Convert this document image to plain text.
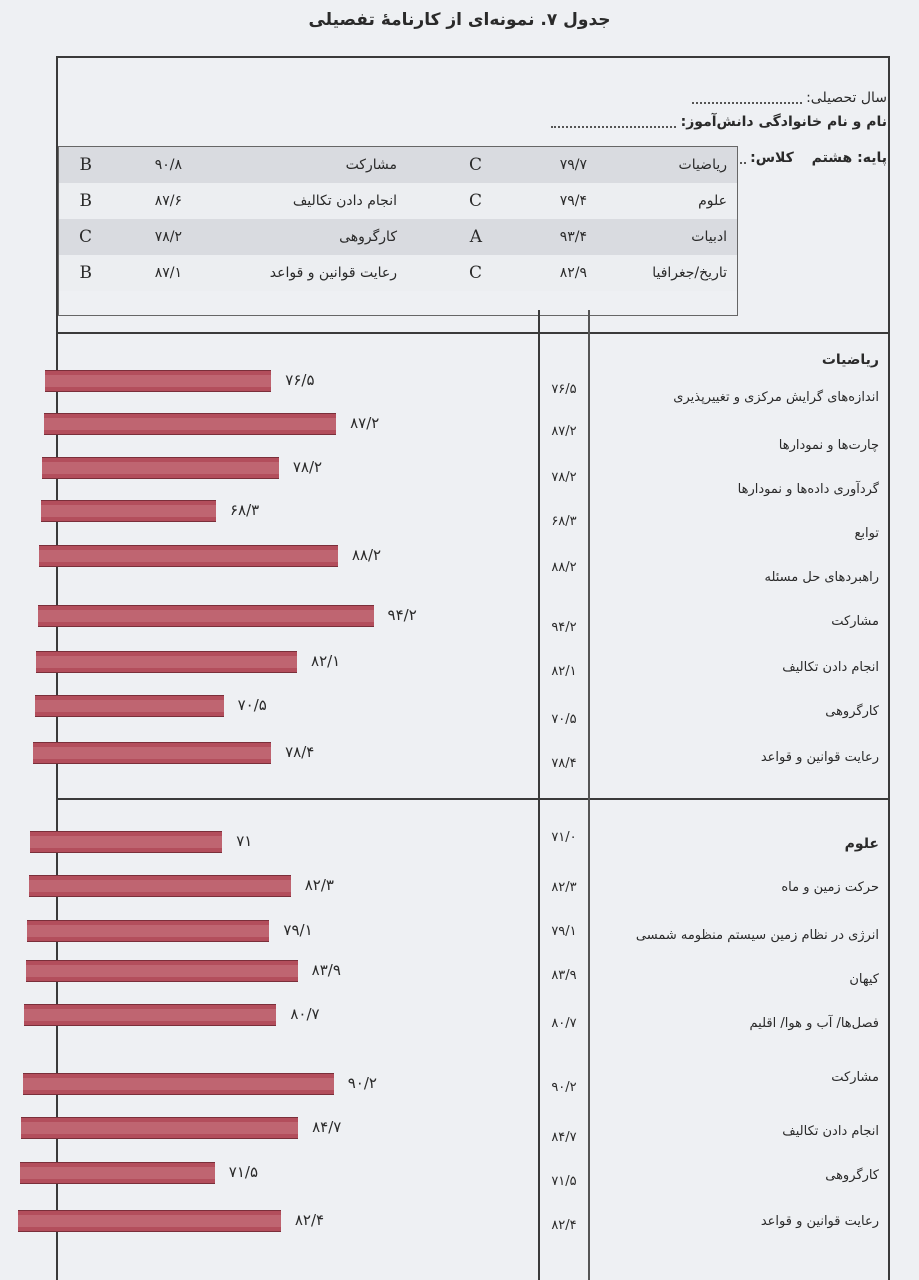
جدول ۷. نمونه‌ای از کارنامهٔ تفصیلی
سال تحصیلی:
نام و نام خانوادگی دانش‌آموز:
پایه: هشتم    کلاس:
ریاضیات
۷۹/۷
C
مشارکت
۹۰/۸
B
علوم
۷۹/۴
C
انجام دادن تکالیف
۸۷/۶
B
ادبیات
۹۳/۴
A
کارگروهی
۷۸/۲
C
تاریخ/جغرافیا
۸۲/۹
C
رعایت قوانین و قواعد
۸۷/۱
B
ریاضیات
اندازه‌های گرایش مرکزی و تغییرپذیری
۷۶/۵
۷۶/۵
چارت‌ها و نمودارها
۸۷/۲
۸۷/۲
گردآوری داده‌ها و نمودارها
۷۸/۲
۷۸/۲
توابع
۶۸/۳
۶۸/۳
راهبردهای حل مسئله
۸۸/۲
۸۸/۲
مشارکت
۹۴/۲
۹۴/۲
انجام دادن تکالیف
۸۲/۱
۸۲/۱
کارگروهی
۷۰/۵
۷۰/۵
رعایت قوانین و قواعد
۷۸/۴
۷۸/۴
علوم
حرکت زمین و ماه
۷۱/۰
۷۱
انرژی در نظام زمین سیستم منظومه شمسی
۸۲/۳
۸۲/۳
کیهان
۷۹/۱
۷۹/۱
فصل‌ها/ آب و هوا/ اقلیم
۸۳/۹
۸۳/۹
مشارکت
۸۰/۷
۸۰/۷
انجام دادن تکالیف
۹۰/۲
۹۰/۲
کارگروهی
۸۴/۷
۸۴/۷
رعایت قوانین و قواعد
۷۱/۵
۷۱/۵
۸۲/۴
۸۲/۴
